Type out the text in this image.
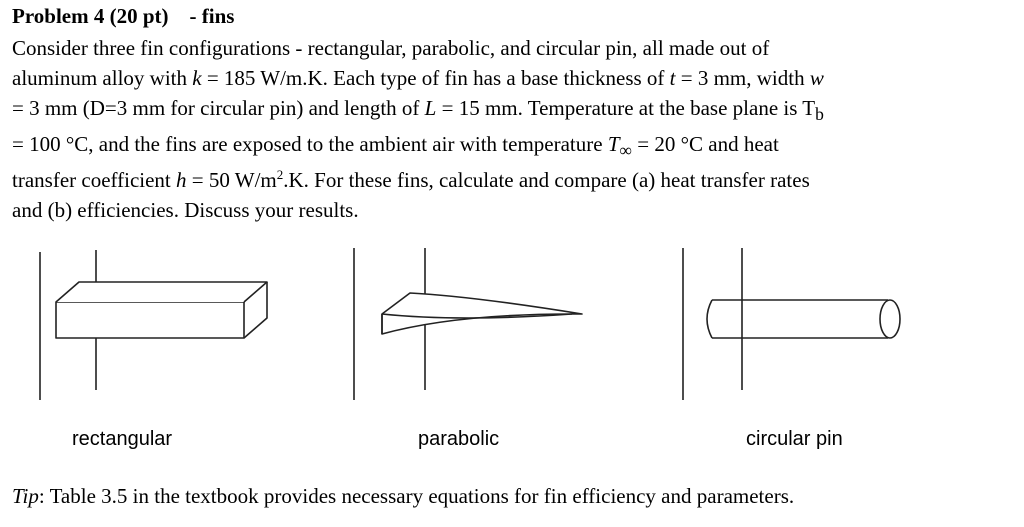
Problem 4 (20 pt)    - fins
Consider three fin configurations - rectangular, parabolic, and circular pin, all made out of
aluminum alloy with k = 185 W/m.K. Each type of fin has a base thickness of t = 3 mm, width w
= 3 mm (D=3 mm for circular pin) and length of L = 15 mm. Temperature at the base plane is $T_b$
= 100 °C, and the fins are exposed to the ambient air with temperature $T_\infty = 20$ °C and heat
transfer coefficient h = 50 $W/m^2.K$. For these fins, calculate and compare (a) heat transfer rates
and (b) efficiencies. Discuss your results.
rectangular	parabolic	circular pin
Tip: Table 3.5 in the textbook provides necessary equations for fin efficiency and parameters.
